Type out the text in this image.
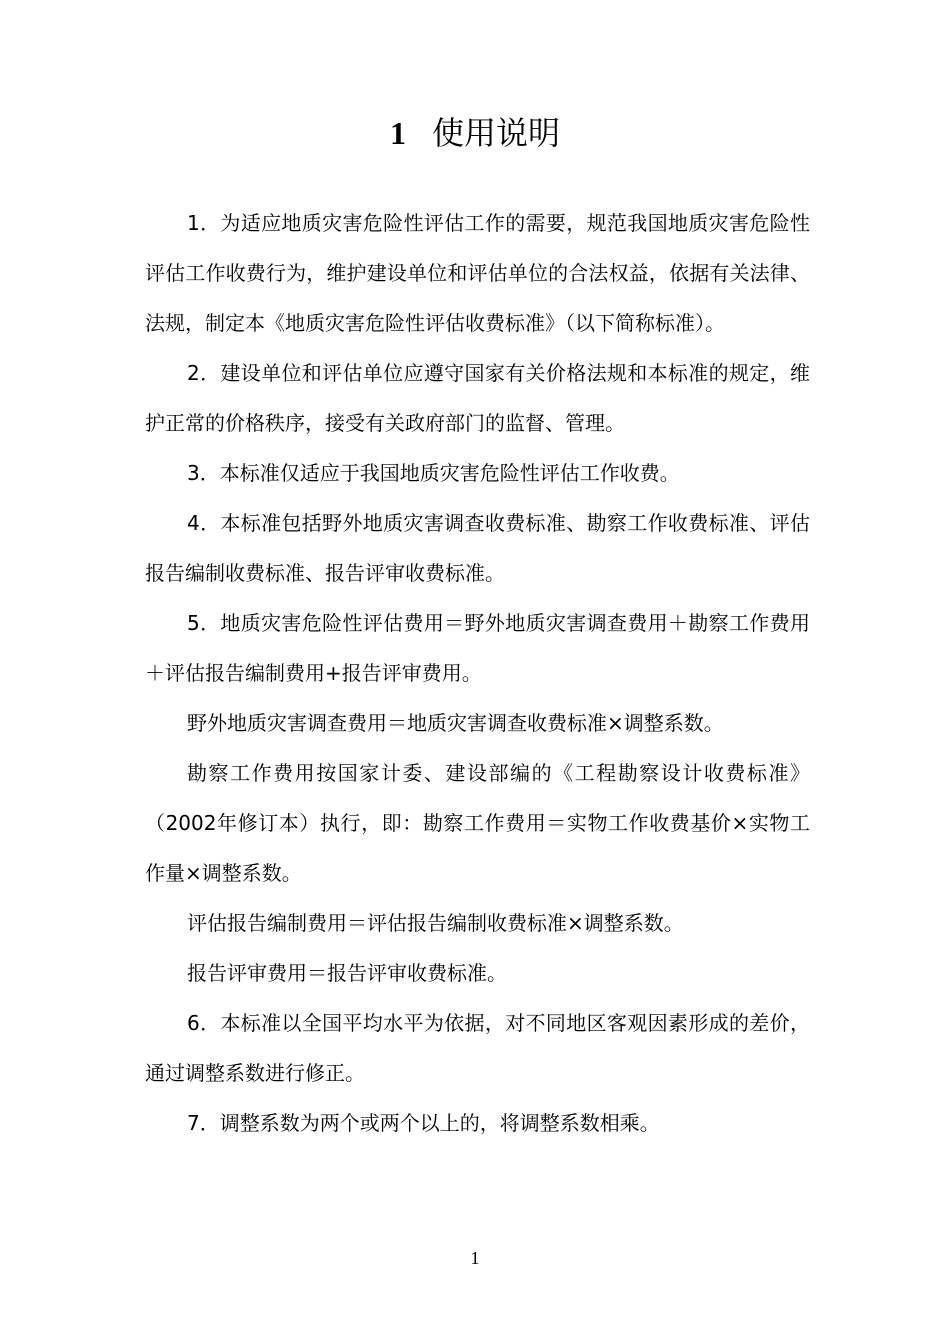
1 使用说明

1．为适应地质灾害危险性评估工作的需要，规范我国地质灾害危险性评估工作收费行为，维护建设单位和评估单位的合法权益，依据有关法律、法规，制定本《地质灾害危险性评估收费标准》（以下简称标准）。

2．建设单位和评估单位应遵守国家有关价格法规和本标准的规定，维护正常的价格秩序，接受有关政府部门的监督、管理。

3．本标准仅适应于我国地质灾害危险性评估工作收费。

4．本标准包括野外地质灾害调查收费标准、勘察工作收费标准、评估报告编制收费标准、报告评审收费标准。

5．地质灾害危险性评估费用＝野外地质灾害调查费用＋勘察工作费用＋评估报告编制费用+报告评审费用。

野外地质灾害调查费用＝地质灾害调查收费标准×调整系数。

勘察工作费用按国家计委、建设部编的《工程勘察设计收费标准》（2002年修订本）执行，即：勘察工作费用＝实物工作收费基价×实物工作量×调整系数。

评估报告编制费用＝评估报告编制收费标准×调整系数。

报告评审费用＝报告评审收费标准。

6．本标准以全国平均水平为依据，对不同地区客观因素形成的差价，通过调整系数进行修正。

7．调整系数为两个或两个以上的，将调整系数相乘。

1
